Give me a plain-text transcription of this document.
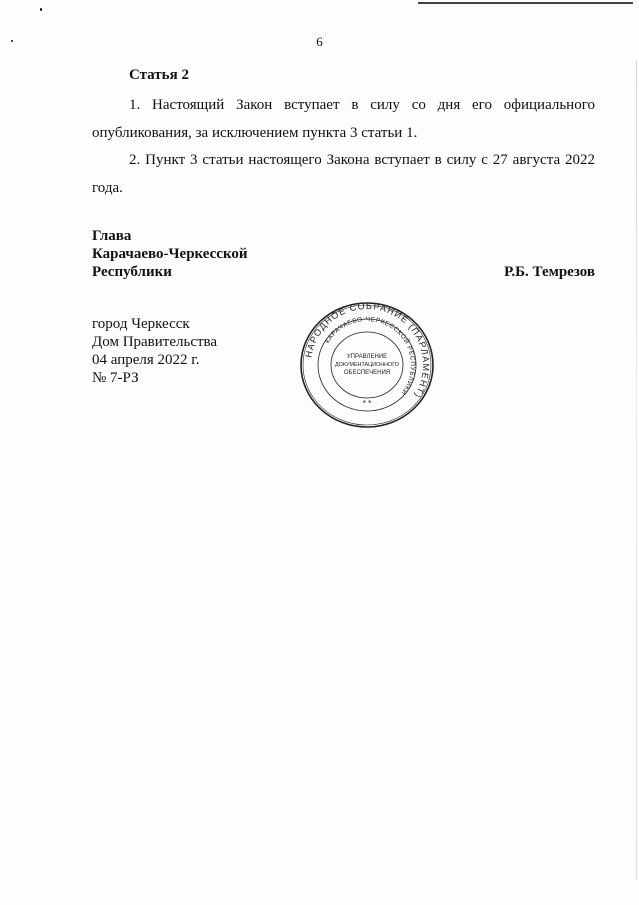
6
Статья 2

1. Настоящий Закон вступает в силу со дня его официального опубликования, за исключением пункта 3 статьи 1.

2. Пункт 3 статьи настоящего Закона вступает в силу с 27 августа 2022 года.

Глава
Карачаево-Черкесской
Республики	Р.Б. Темрезов
город Черкесск
Дом Правительства
04 апреля 2022 г.
№ 7-РЗ
НАРОДНОЕ СОБРАНИЕ (ПАРЛАМЕНТ)
КАРАЧАЕВО-ЧЕРКЕССКОЙ РЕСПУБЛИКИ
УПРАВЛЕНИЕ
ДОКУМЕНТАЦИОННОГО
ОБЕСПЕЧЕНИЯ
* *
